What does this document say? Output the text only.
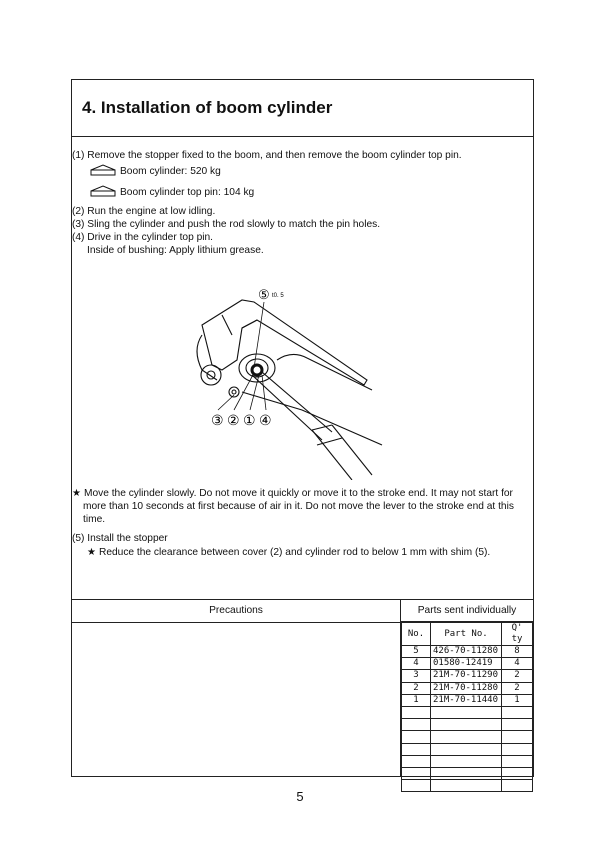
4. Installation of boom cylinder
(1) Remove the stopper fixed to the boom, and then remove the boom cylinder top pin.
Boom cylinder: 520 kg
Boom cylinder top pin: 104 kg
(2) Run the engine at low idling.
(3) Sling the cylinder and push the rod slowly to match the pin holes.
(4) Drive in the cylinder top pin.
Inside of bushing: Apply lithium grease.
⑤ t0. 5
③ ② ① ④
★ Move the cylinder slowly. Do not move it quickly or move it to the stroke end. It may not start for more than 10 seconds at first because of air in it. Do not move the lever to the stroke end at this time.
(5) Install the stopper
★ Reduce the clearance between cover (2) and cylinder rod to below 1 mm with shim (5).
Precautions	Parts sent individually
No.	Part No.	Q' ty
5	426-70-11280	8
4	01580-12419	4
3	21M-70-11290	2
2	21M-70-11280	2
1	21M-70-11440	1

5
